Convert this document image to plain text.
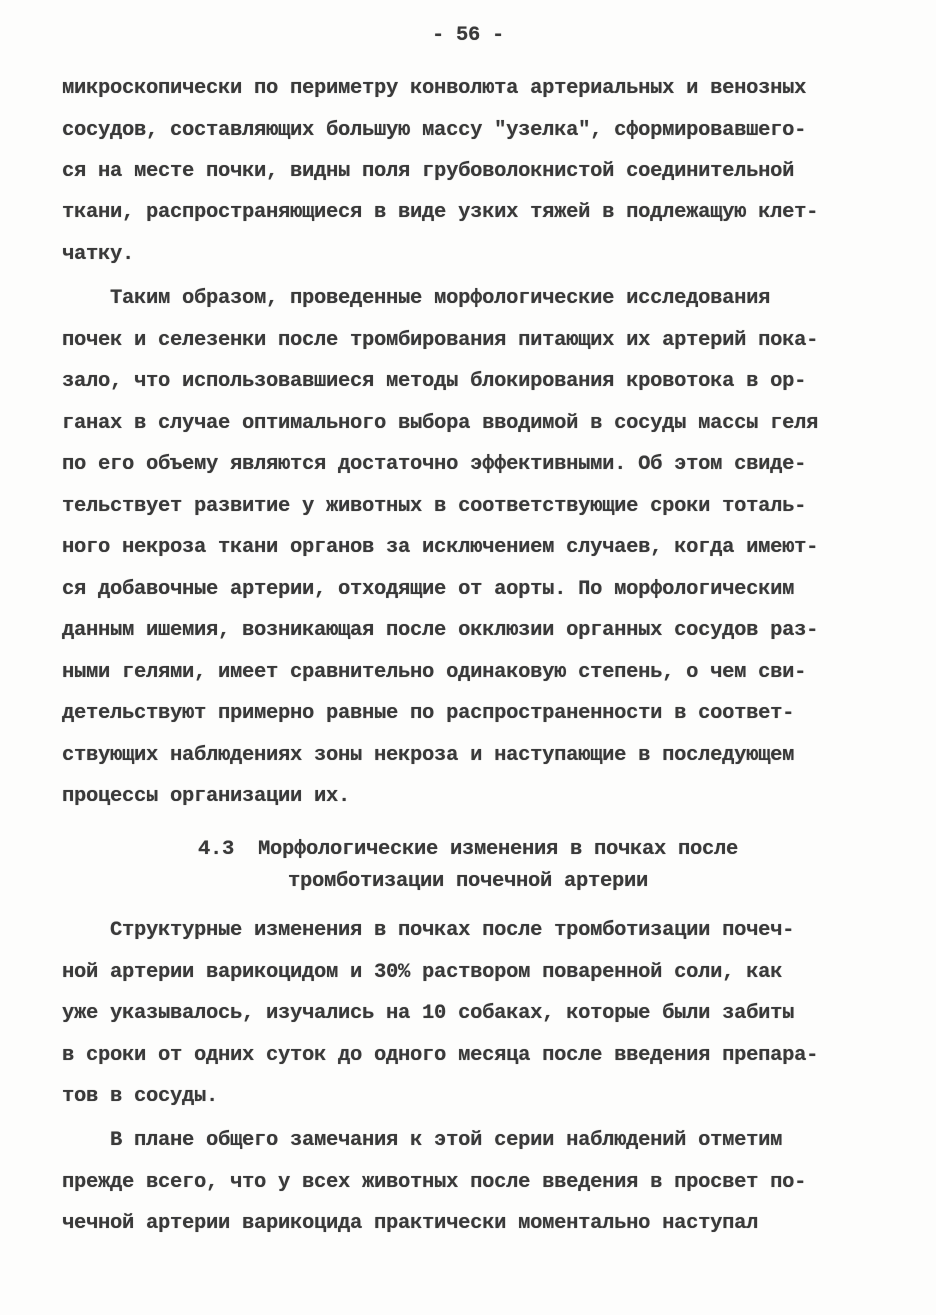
- 56 -

микроскопически по периметру конволюта артериальных и венозных

сосудов, составляющих большую массу "узелка", сформировавшего-

ся на месте почки, видны поля грубоволокнистой соединительной

ткани, распространяющиеся в виде узких тяжей в подлежащую клет-

чатку.

Таким образом, проведенные морфологические исследования

почек и селезенки после тромбирования питающих их артерий пока-

зало, что использовавшиеся методы блокирования кровотока в ор-

ганах в случае оптимального выбора вводимой в сосуды массы геля

по его объему являются достаточно эффективными. Об этом свиде-

тельствует развитие у животных в соответствующие сроки тоталь-

ного некроза ткани органов за исключением случаев, когда имеют-

ся добавочные артерии, отходящие от аорты. По морфологическим

данным ишемия, возникающая после окклюзии органных сосудов раз-

ными гелями, имеет сравнительно одинаковую степень, о чем сви-

детельствуют примерно равные по распространенности в соответ-

ствующих наблюдениях зоны некроза и наступающие в последующем

процессы организации их.

4.3  Морфологические изменения в почках после

тромботизации почечной артерии

Структурные изменения в почках после тромботизации почеч-

ной артерии варикоцидом и 30% раствором поваренной соли, как

уже указывалось, изучались на 10 собаках, которые были забиты

в сроки от одних суток до одного месяца после введения препара-

тов в сосуды.

В плане общего замечания к этой серии наблюдений отметим

прежде всего, что у всех животных после введения в просвет по-

чечной артерии варикоцида практически моментально наступал
